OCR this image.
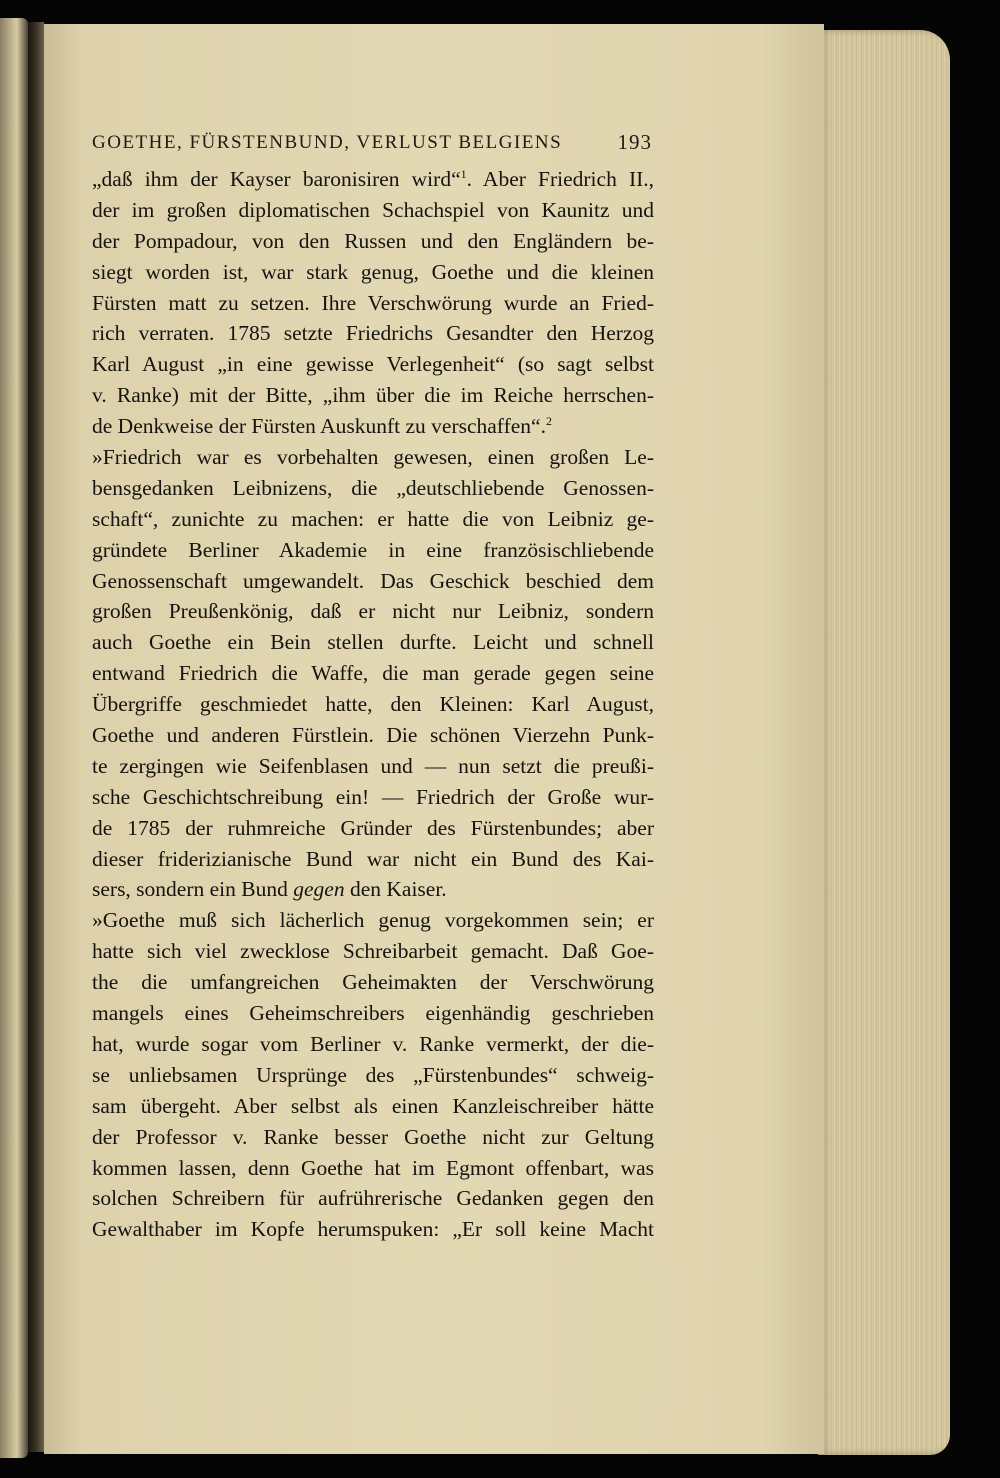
GOETHE, FÜRSTENBUND, VERLUST BELGIENS	193
„daß ihm der Kayser baronisiren wird“$^1$. Aber Friedrich II.,
der im großen diplomatischen Schachspiel von Kaunitz und
der Pompadour, von den Russen und den Engländern be-
siegt worden ist, war stark genug, Goethe und die kleinen
Fürsten matt zu setzen. Ihre Verschwörung wurde an Fried-
rich verraten. 1785 setzte Friedrichs Gesandter den Herzog
Karl August „in eine gewisse Verlegenheit“ (so sagt selbst
v. Ranke) mit der Bitte, „ihm über die im Reiche herrschen-
de Denkweise der Fürsten Auskunft zu verschaffen“.$^2$
»Friedrich war es vorbehalten gewesen, einen großen Le-
bensgedanken Leibnizens, die „deutschliebende Genossen-
schaft“, zunichte zu machen: er hatte die von Leibniz ge-
gründete Berliner Akademie in eine französischliebende
Genossenschaft umgewandelt. Das Geschick beschied dem
großen Preußenkönig, daß er nicht nur Leibniz, sondern
auch Goethe ein Bein stellen durfte. Leicht und schnell
entwand Friedrich die Waffe, die man gerade gegen seine
Übergriffe geschmiedet hatte, den Kleinen: Karl August,
Goethe und anderen Fürstlein. Die schönen Vierzehn Punk-
te zergingen wie Seifenblasen und — nun setzt die preußi-
sche Geschichtschreibung ein! — Friedrich der Große wur-
de 1785 der ruhmreiche Gründer des Fürstenbundes; aber
dieser friderizianische Bund war nicht ein Bund des Kai-
sers, sondern ein Bund gegen den Kaiser.
»Goethe muß sich lächerlich genug vorgekommen sein; er
hatte sich viel zwecklose Schreibarbeit gemacht. Daß Goe-
the die umfangreichen Geheimakten der Verschwörung
mangels eines Geheimschreibers eigenhändig geschrieben
hat, wurde sogar vom Berliner v. Ranke vermerkt, der die-
se unliebsamen Ursprünge des „Fürstenbundes“ schweig-
sam übergeht. Aber selbst als einen Kanzleischreiber hätte
der Professor v. Ranke besser Goethe nicht zur Geltung
kommen lassen, denn Goethe hat im Egmont offenbart, was
solchen Schreibern für aufrührerische Gedanken gegen den
Gewalthaber im Kopfe herumspuken: „Er soll keine Macht
